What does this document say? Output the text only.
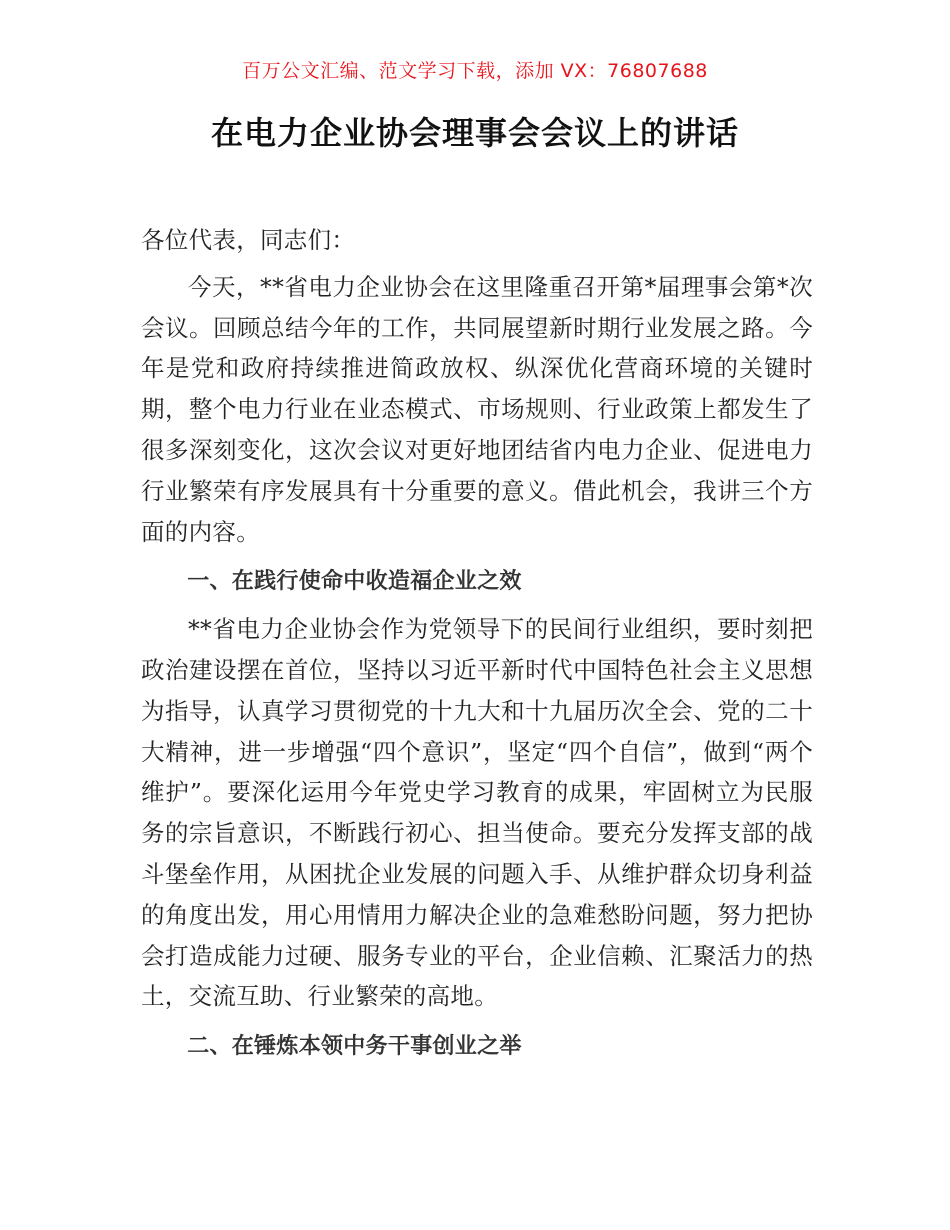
百万公文汇编、范文学习下载，添加 VX：76807688
在电力企业协会理事会会议上的讲话

各位代表，同志们：

今天，**省电力企业协会在这里隆重召开第*届理事会第*次会议。回顾总结今年的工作，共同展望新时期行业发展之路。今年是党和政府持续推进简政放权、纵深优化营商环境的关键时期，整个电力行业在业态模式、市场规则、行业政策上都发生了很多深刻变化，这次会议对更好地团结省内电力企业、促进电力行业繁荣有序发展具有十分重要的意义。借此机会，我讲三个方面的内容。

一、在践行使命中收造福企业之效

**省电力企业协会作为党领导下的民间行业组织，要时刻把政治建设摆在首位，坚持以习近平新时代中国特色社会主义思想为指导，认真学习贯彻党的十九大和十九届历次全会、党的二十大精神，进一步增强“四个意识”，坚定“四个自信”，做到“两个维护”。要深化运用今年党史学习教育的成果，牢固树立为民服务的宗旨意识，不断践行初心、担当使命。要充分发挥支部的战斗堡垒作用，从困扰企业发展的问题入手、从维护群众切身利益的角度出发，用心用情用力解决企业的急难愁盼问题，努力把协会打造成能力过硬、服务专业的平台，企业信赖、汇聚活力的热土，交流互助、行业繁荣的高地。

二、在锤炼本领中务干事创业之举
